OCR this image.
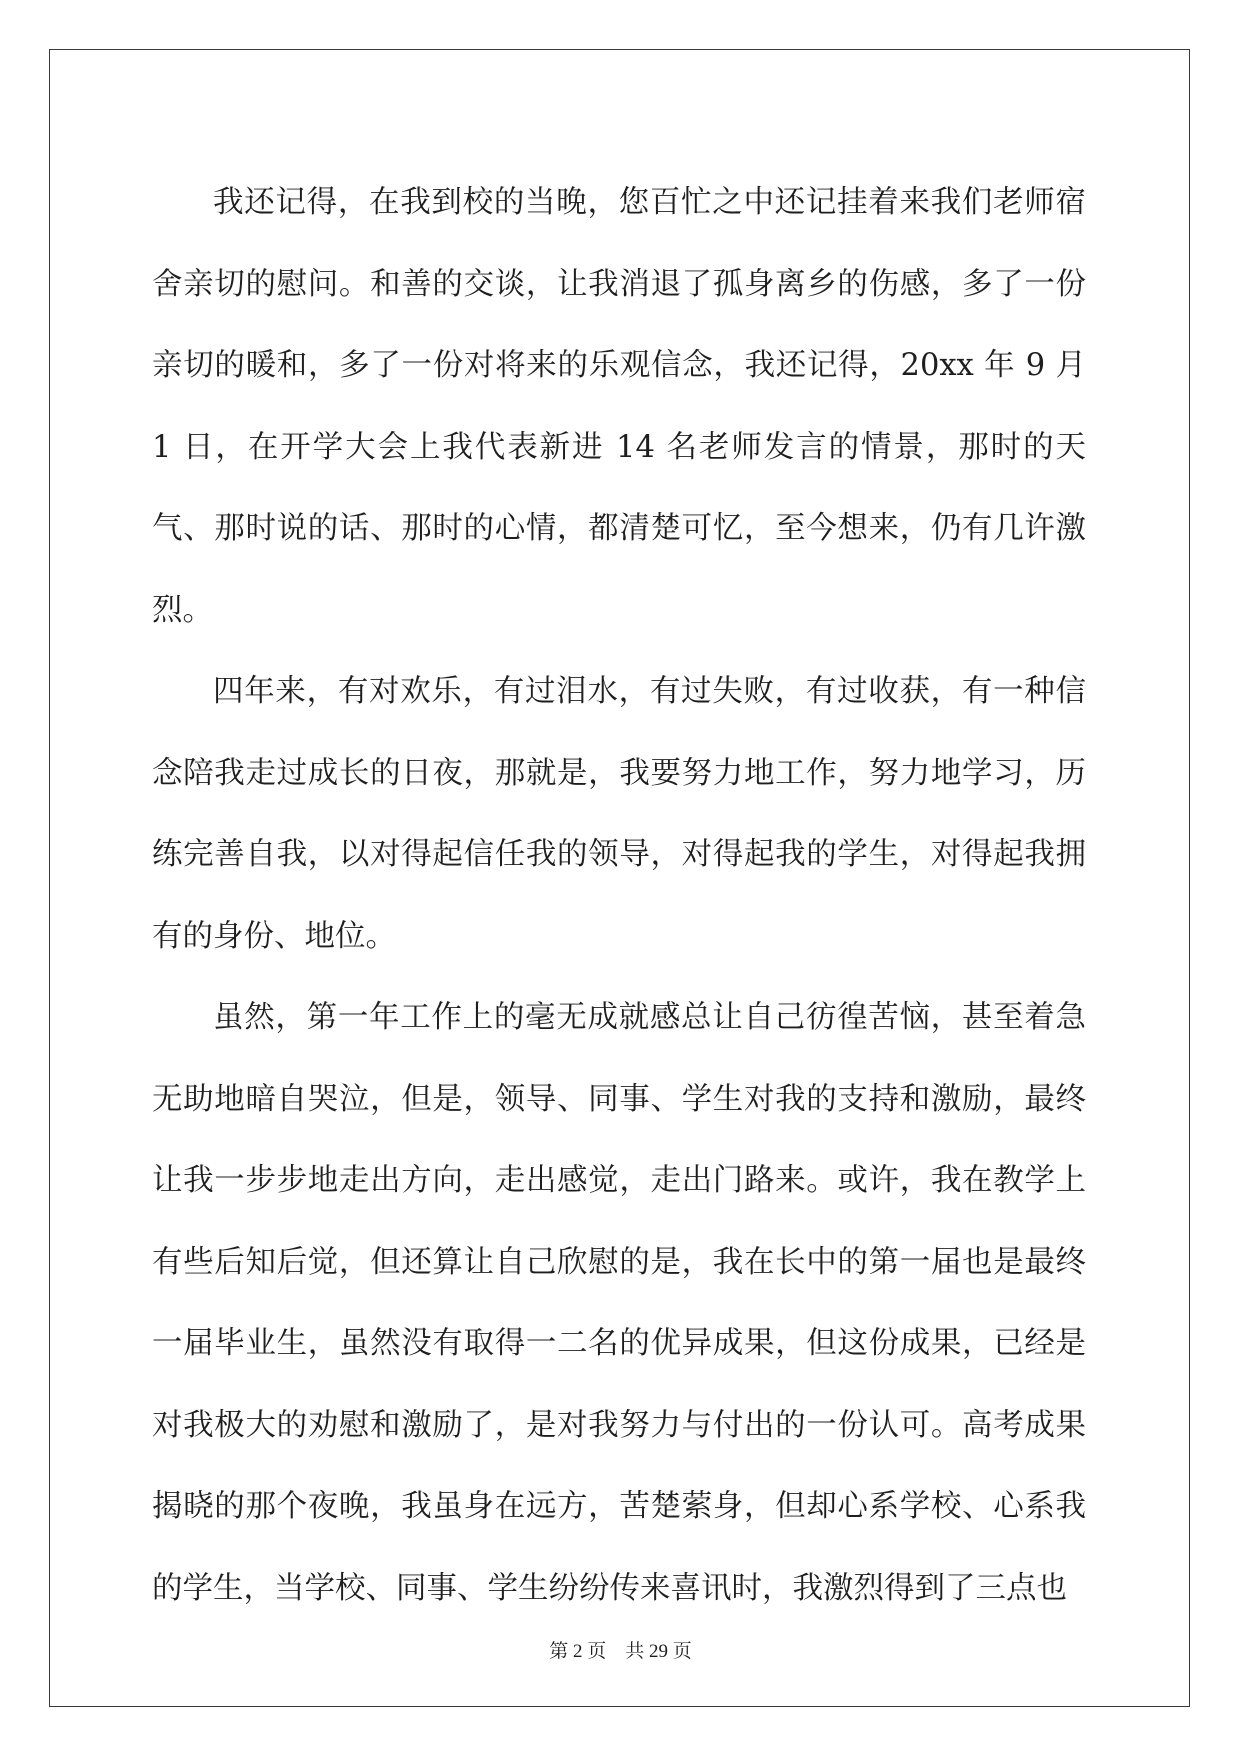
我还记得，在我到校的当晚，您百忙之中还记挂着来我们老师宿舍亲切的慰问。和善的交谈，让我消退了孤身离乡的伤感，多了一份亲切的暖和，多了一份对将来的乐观信念，我还记得，20xx 年 9 月 1 日，在开学大会上我代表新进 14 名老师发言的情景，那时的天气、那时说的话、那时的心情，都清楚可忆，至今想来，仍有几许激烈。

四年来，有对欢乐，有过泪水，有过失败，有过收获，有一种信念陪我走过成长的日夜，那就是，我要努力地工作，努力地学习，历练完善自我，以对得起信任我的领导，对得起我的学生，对得起我拥有的身份、地位。

虽然，第一年工作上的毫无成就感总让自己彷徨苦恼，甚至着急无助地暗自哭泣，但是，领导、同事、学生对我的支持和激励，最终让我一步步地走出方向，走出感觉，走出门路来。或许，我在教学上有些后知后觉，但还算让自己欣慰的是，我在长中的第一届也是最终一届毕业生，虽然没有取得一二名的优异成果，但这份成果，已经是对我极大的劝慰和激励了，是对我努力与付出的一份认可。高考成果揭晓的那个夜晚，我虽身在远方，苦楚萦身，但却心系学校、心系我的学生，当学校、同事、学生纷纷传来喜讯时，我激烈得到了三点也

第 2 页    共 29 页
